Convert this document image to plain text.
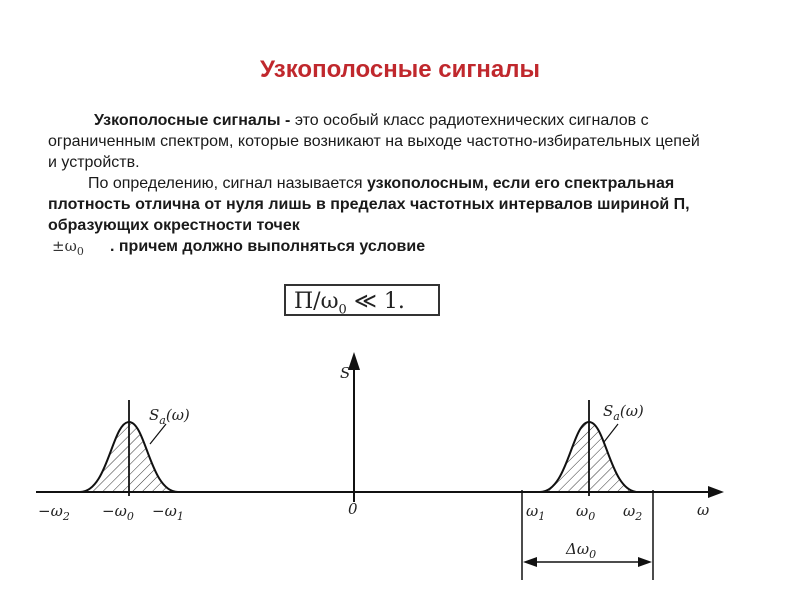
Узкополосные сигналы

Узкополосные сигналы - это особый класс радиотехнических сигналов с ограниченным спектром, которые возникают на выходе частотно-избирательных цепей и устройств.

По определению, сигнал называется узкополосным, если его спектральная плотность отлична от нуля лишь в пределах частотных интервалов шириной П, образующих окрестности точек
$\pm\omega_0$ . причем должно выполняться условие

$П/\omega_0$ ≪ 1.
S
ω
0
$S_a(\omega)$	$S_a(\omega)$
$-\omega_2 -\omega_0 -\omega_1$	$\omega_1$ $\omega_0$ $\omega_2$
$\Delta\omega_0$
